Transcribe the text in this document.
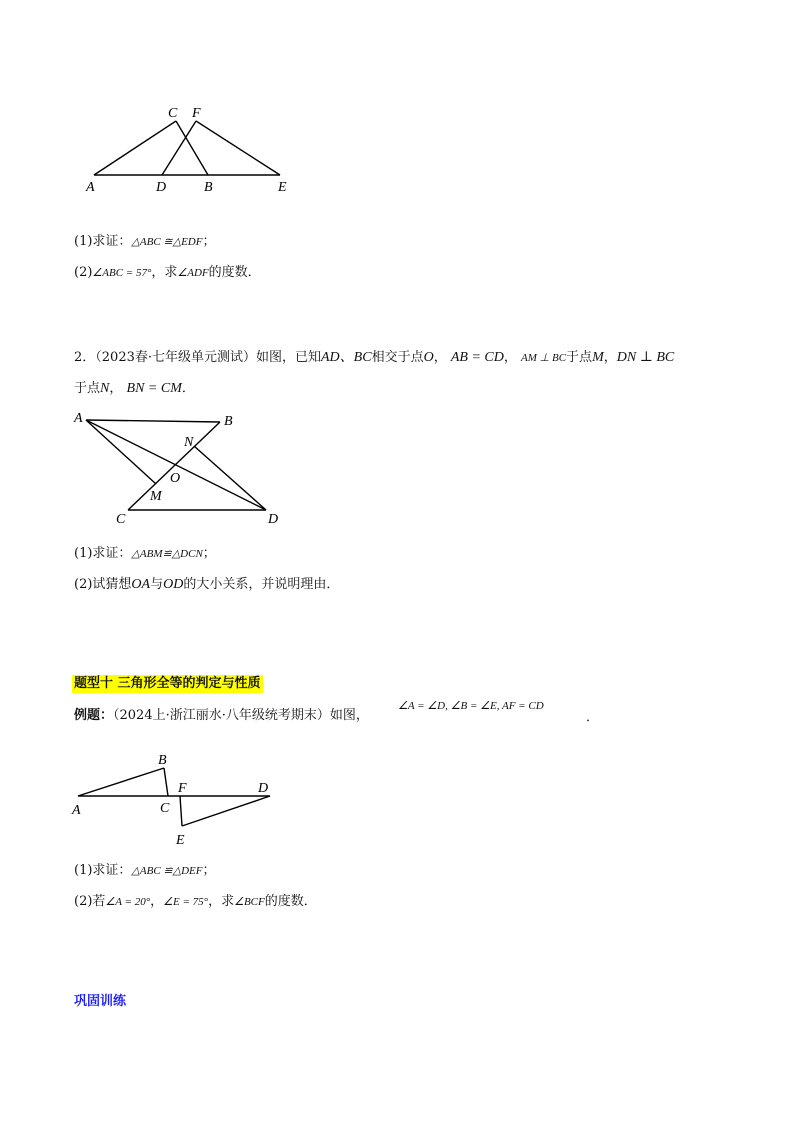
A	D	B	E
C F
(1)求证：△ABC ≅△EDF；
(2)∠ABC = 57°，求∠ADF的度数．
2．（2023春·七年级单元测试）如图，已知AD、BC相交于点O， AB = CD， AM ⊥ BC于点M，DN ⊥ BC
于点N， BN = CM．
A	B
C	D
N
O
M
(1)求证：△ABM≌△DCN；
(2)试猜想OA与OD的大小关系，并说明理由．
题型十 三角形全等的判定与性质
例题：（2024上·浙江丽水·八年级统考期末）如图，
∠A = ∠D, ∠B = ∠E, AF = CD
．
A
B
C
F	D
E
(1)求证：△ABC ≌△DEF；
(2)若∠A = 20°，∠E = 75°，求∠BCF的度数．
巩固训练
